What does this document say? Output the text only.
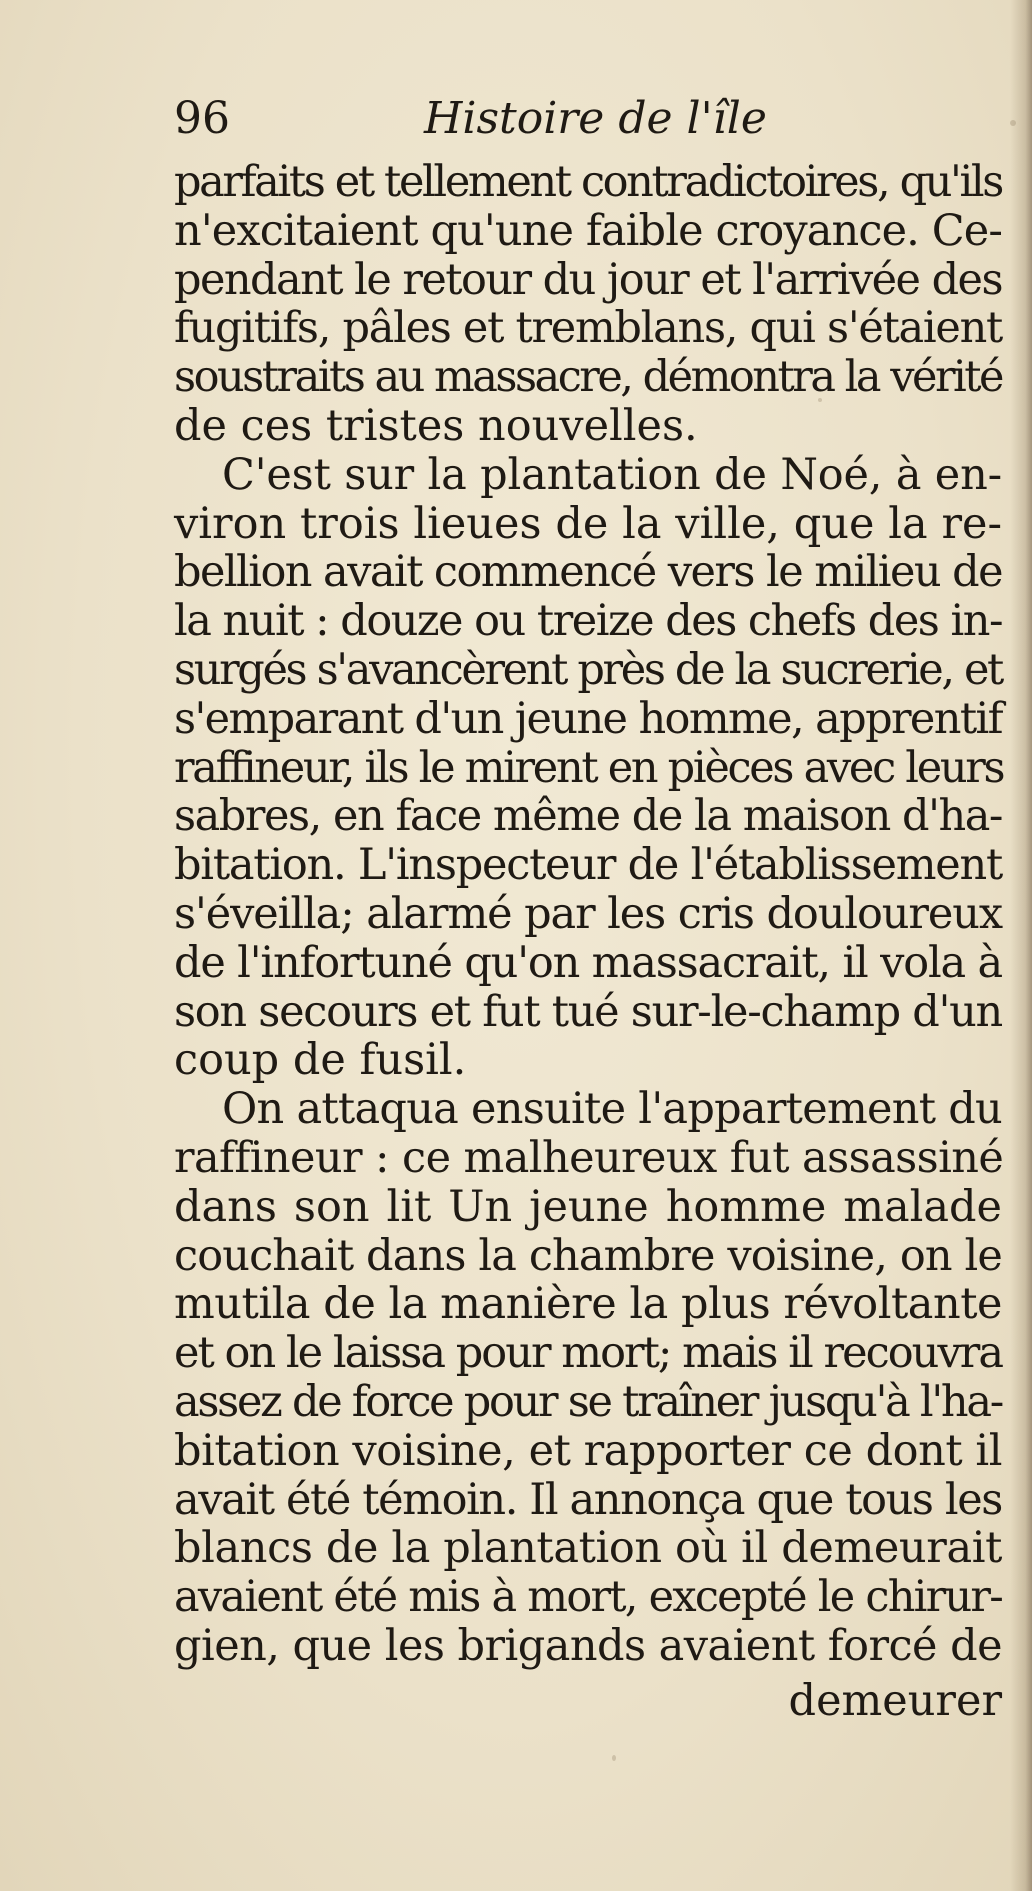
96	Histoire de l'île
parfaits et tellement contradictoires, qu'ils
n'excitaient qu'une faible croyance. Ce-
pendant le retour du jour et l'arrivée des
fugitifs, pâles et tremblans, qui s'étaient
soustraits au massacre, démontra la vérité
de ces tristes nouvelles.
C'est sur la plantation de Noé, à en-
viron trois lieues de la ville, que la re-
bellion avait commencé vers le milieu de
la nuit : douze ou treize des chefs des in-
surgés s'avancèrent près de la sucrerie, et
s'emparant d'un jeune homme, apprentif
raffineur, ils le mirent en pièces avec leurs
sabres, en face même de la maison d'ha-
bitation. L'inspecteur de l'établissement
s'éveilla; alarmé par les cris douloureux
de l'infortuné qu'on massacrait, il vola à
son secours et fut tué sur-le-champ d'un
coup de fusil.
On attaqua ensuite l'appartement du
raffineur : ce malheureux fut assassiné
dans son lit Un jeune homme malade
couchait dans la chambre voisine, on le
mutila de la manière la plus révoltante
et on le laissa pour mort; mais il recouvra
assez de force pour se traîner jusqu'à l'ha-
bitation voisine, et rapporter ce dont il
avait été témoin. Il annonça que tous les
blancs de la plantation où il demeurait
avaient été mis à mort, excepté le chirur-
gien, que les brigands avaient forcé de
demeurer
